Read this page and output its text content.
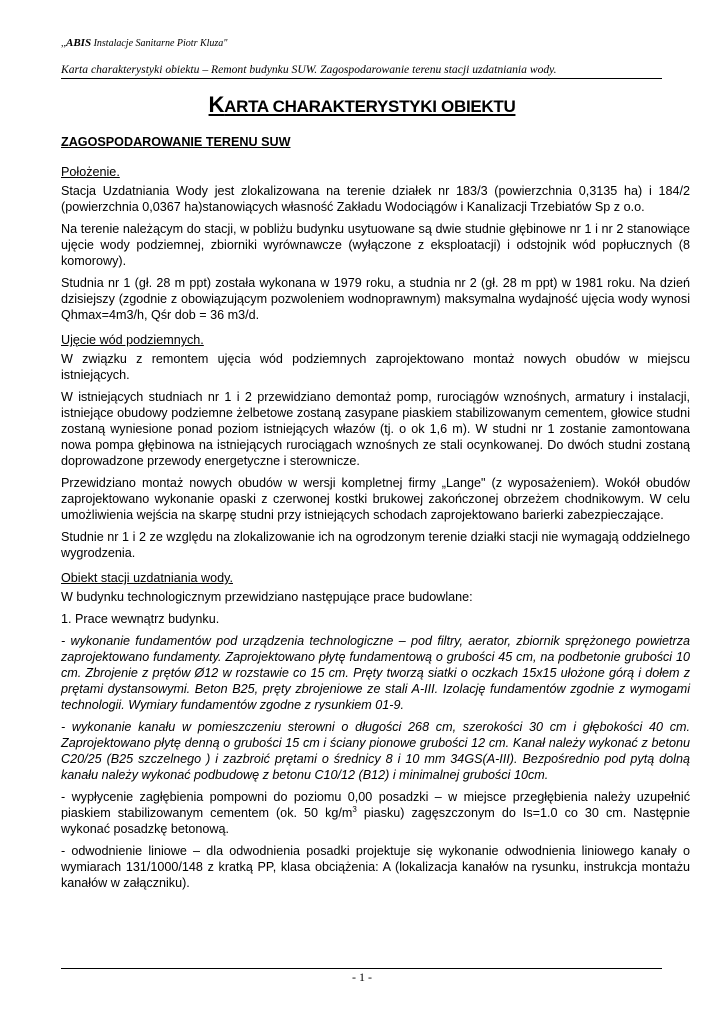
,,ABIS Instalacje Sanitarne Piotr Kluza"
Karta charakterystyki obiektu – Remont budynku SUW. Zagospodarowanie terenu stacji uzdatniania wody.
KARTA CHARAKTERYSTYKI OBIEKTU

ZAGOSPODAROWANIE TERENU SUW

Położenie.

Stacja Uzdatniania Wody jest zlokalizowana na terenie działek nr 183/3 (powierzchnia 0,3135 ha) i 184/2 (powierzchnia 0,0367 ha)stanowiących własność Zakładu Wodociągów i Kanalizacji Trzebiatów Sp z o.o.

Na terenie należącym do stacji, w pobliżu budynku usytuowane są dwie studnie głębinowe nr 1 i nr 2 stanowiące ujęcie wody podziemnej, zbiorniki wyrównawcze (wyłączone z eksploatacji) i odstojnik wód popłucznych (8 komorowy).

Studnia nr 1 (gł. 28 m ppt) została wykonana w 1979 roku, a studnia nr 2 (gł. 28 m ppt) w 1981 roku. Na dzień dzisiejszy (zgodnie z obowiązującym pozwoleniem wodnoprawnym) maksymalna wydajność ujęcia wody wynosi Qhmax=4m3/h, Qśr dob = 36 m3/d.

Ujęcie wód podziemnych.

W związku z remontem ujęcia wód podziemnych zaprojektowano montaż nowych obudów w miejscu istniejących.

W istniejących studniach nr 1 i 2 przewidziano demontaż pomp, rurociągów wznośnych, armatury i instalacji, istniejące obudowy podziemne żelbetowe zostaną zasypane piaskiem stabilizowanym cementem, głowice studni zostaną wyniesione ponad poziom istniejących włazów (tj. o ok 1,6 m). W studni nr 1 zostanie zamontowana nowa pompa głębinowa na istniejących rurociągach wznośnych ze stali ocynkowanej. Do dwóch studni zostaną doprowadzone przewody energetyczne i sterownicze.

Przewidziano montaż nowych obudów w wersji kompletnej firmy „Lange" (z wyposażeniem). Wokół obudów zaprojektowano wykonanie opaski z czerwonej kostki brukowej zakończonej obrzeżem chodnikowym. W celu umożliwienia wejścia na skarpę studni przy istniejących schodach zaprojektowano barierki zabezpieczające.

Studnie nr 1 i 2 ze względu na zlokalizowanie ich na ogrodzonym terenie działki stacji nie wymagają oddzielnego wygrodzenia.

Obiekt stacji uzdatniania wody.

W budynku technologicznym przewidziano następujące prace budowlane:

1. Prace wewnątrz budynku.

- wykonanie fundamentów pod urządzenia technologiczne – pod filtry, aerator, zbiornik sprężonego powietrza zaprojektowano fundamenty. Zaprojektowano płytę fundamentową o grubości 45 cm, na podbetonie grubości 10 cm. Zbrojenie z prętów Ø12 w rozstawie co 15 cm. Pręty tworzą siatki o oczkach 15x15 ułożone górą i dołem z prętami dystansowymi. Beton B25, pręty zbrojeniowe ze stali A-III. Izolację fundamentów zgodnie z wymogami technologii. Wymiary fundamentów zgodne z rysunkiem 01-9.

- wykonanie kanału w pomieszczeniu sterowni o długości 268 cm, szerokości 30 cm i głębokości 40 cm. Zaprojektowano płytę denną o grubości 15 cm i ściany pionowe grubości 12 cm. Kanał należy wykonać z betonu C20/25 (B25 szczelnego ) i zazbroić prętami o średnicy 8 i 10 mm 34GS(A-III). Bezpośrednio pod pytą dolną kanału należy wykonać podbudowę z betonu C10/12 (B12) i minimalnej grubości 10cm.

- wypłycenie zagłębienia pompowni do poziomu 0,00 posadzki – w miejsce przegłębienia należy uzupełnić piaskiem stabilizowanym cementem (ok. 50 $kg/m^3$ piasku) zagęszczonym do Is=1.0 co 30 cm. Następnie wykonać posadzkę betonową.

- odwodnienie liniowe – dla odwodnienia posadki projektuje się wykonanie odwodnienia liniowego kanały o wymiarach 131/1000/148 z kratką PP, klasa obciążenia: A (lokalizacja kanałów na rysunku, instrukcja montażu kanałów w załączniku).

- 1 -
